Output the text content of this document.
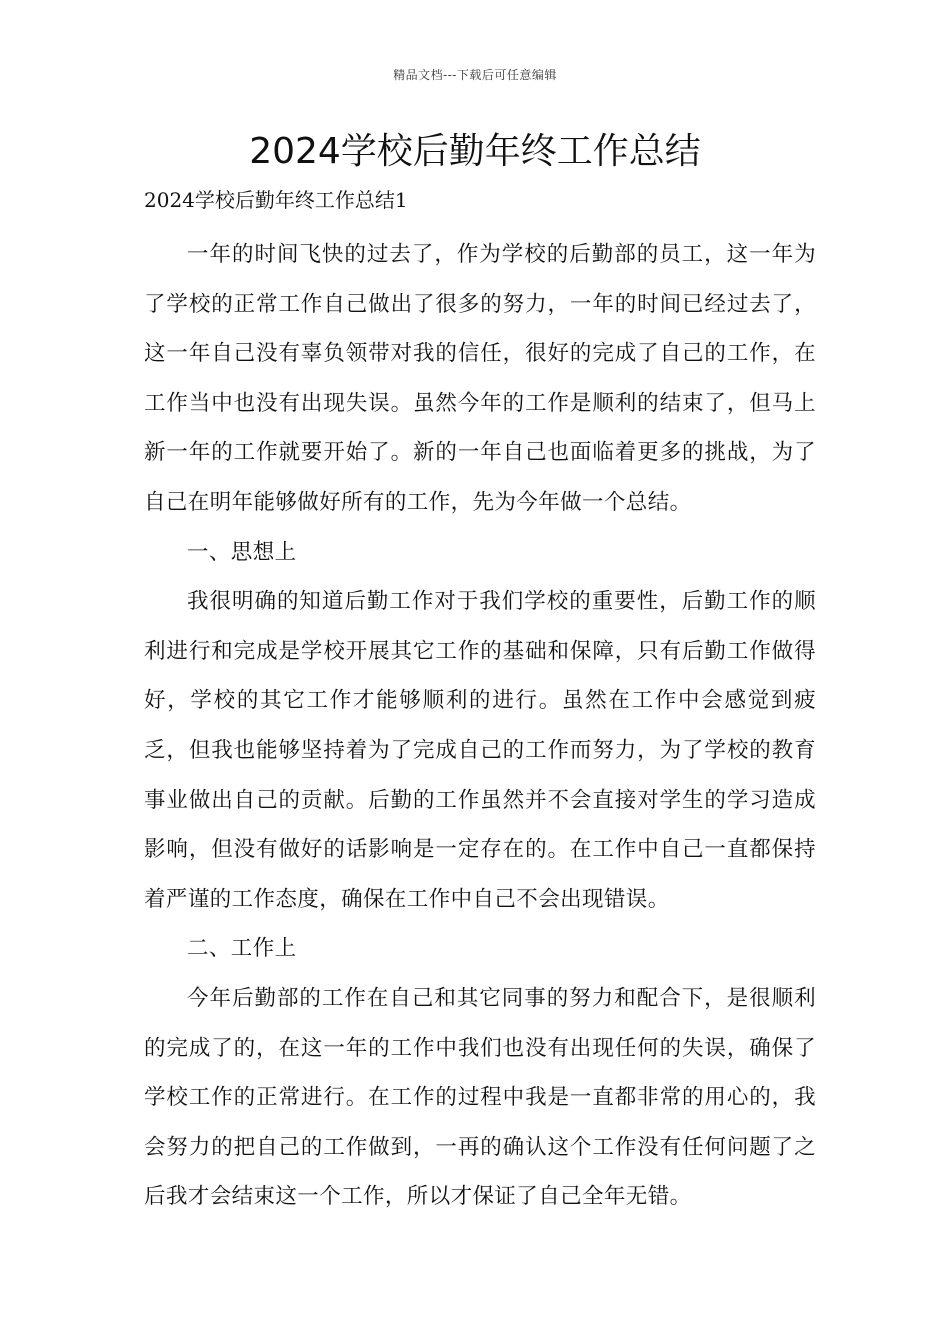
精品文档---下载后可任意编辑
2024学校后勤年终工作总结

2024学校后勤年终工作总结1

一年的时间飞快的过去了，作为学校的后勤部的员工，这一年为了学校的正常工作自己做出了很多的努力，一年的时间已经过去了，这一年自己没有辜负领带对我的信任，很好的完成了自己的工作，在工作当中也没有出现失误。虽然今年的工作是顺利的结束了，但马上新一年的工作就要开始了。新的一年自己也面临着更多的挑战，为了自己在明年能够做好所有的工作，先为今年做一个总结。

一、思想上

我很明确的知道后勤工作对于我们学校的重要性，后勤工作的顺利进行和完成是学校开展其它工作的基础和保障，只有后勤工作做得好，学校的其它工作才能够顺利的进行。虽然在工作中会感觉到疲乏，但我也能够坚持着为了完成自己的工作而努力，为了学校的教育事业做出自己的贡献。后勤的工作虽然并不会直接对学生的学习造成影响，但没有做好的话影响是一定存在的。在工作中自己一直都保持着严谨的工作态度，确保在工作中自己不会出现错误。

二、工作上

今年后勤部的工作在自己和其它同事的努力和配合下，是很顺利的完成了的，在这一年的工作中我们也没有出现任何的失误，确保了学校工作的正常进行。在工作的过程中我是一直都非常的用心的，我会努力的把自己的工作做到，一再的确认这个工作没有任何问题了之后我才会结束这一个工作，所以才保证了自己全年无错。
